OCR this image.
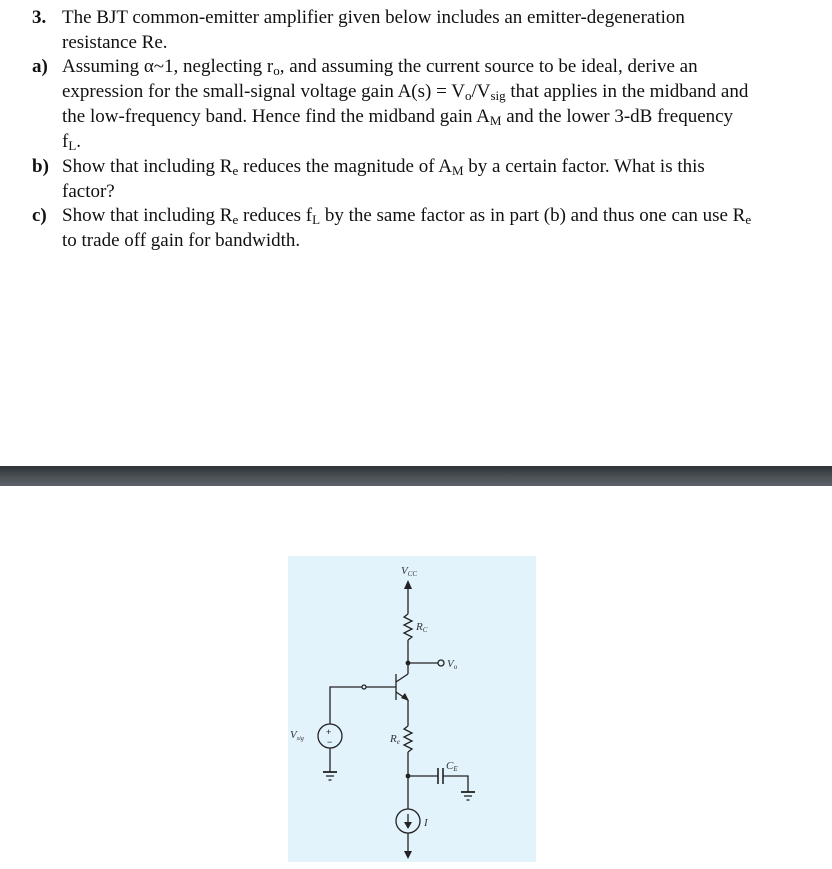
3. The BJT common-emitter amplifier given below includes an emitter-degeneration
resistance Re.
a) Assuming α~1, neglecting $r_o$, and assuming the current source to be ideal, derive an
expression for the small-signal voltage gain $A(s) = V_o/V_{sig}$ that applies in the midband and
the low-frequency band. Hence find the midband gain $A_M$ and the lower 3-dB frequency
$f_L$.
b) Show that including $R_e$ reduces the magnitude of $A_M$ by a certain factor. What is this
factor?
c) Show that including $R_e$ reduces $f_L$ by the same factor as in part (b) and thus one can use $R_e$
to trade off gain for bandwidth.
VCC
RC
Vo
Vsig
+
−	Re
CE
I
